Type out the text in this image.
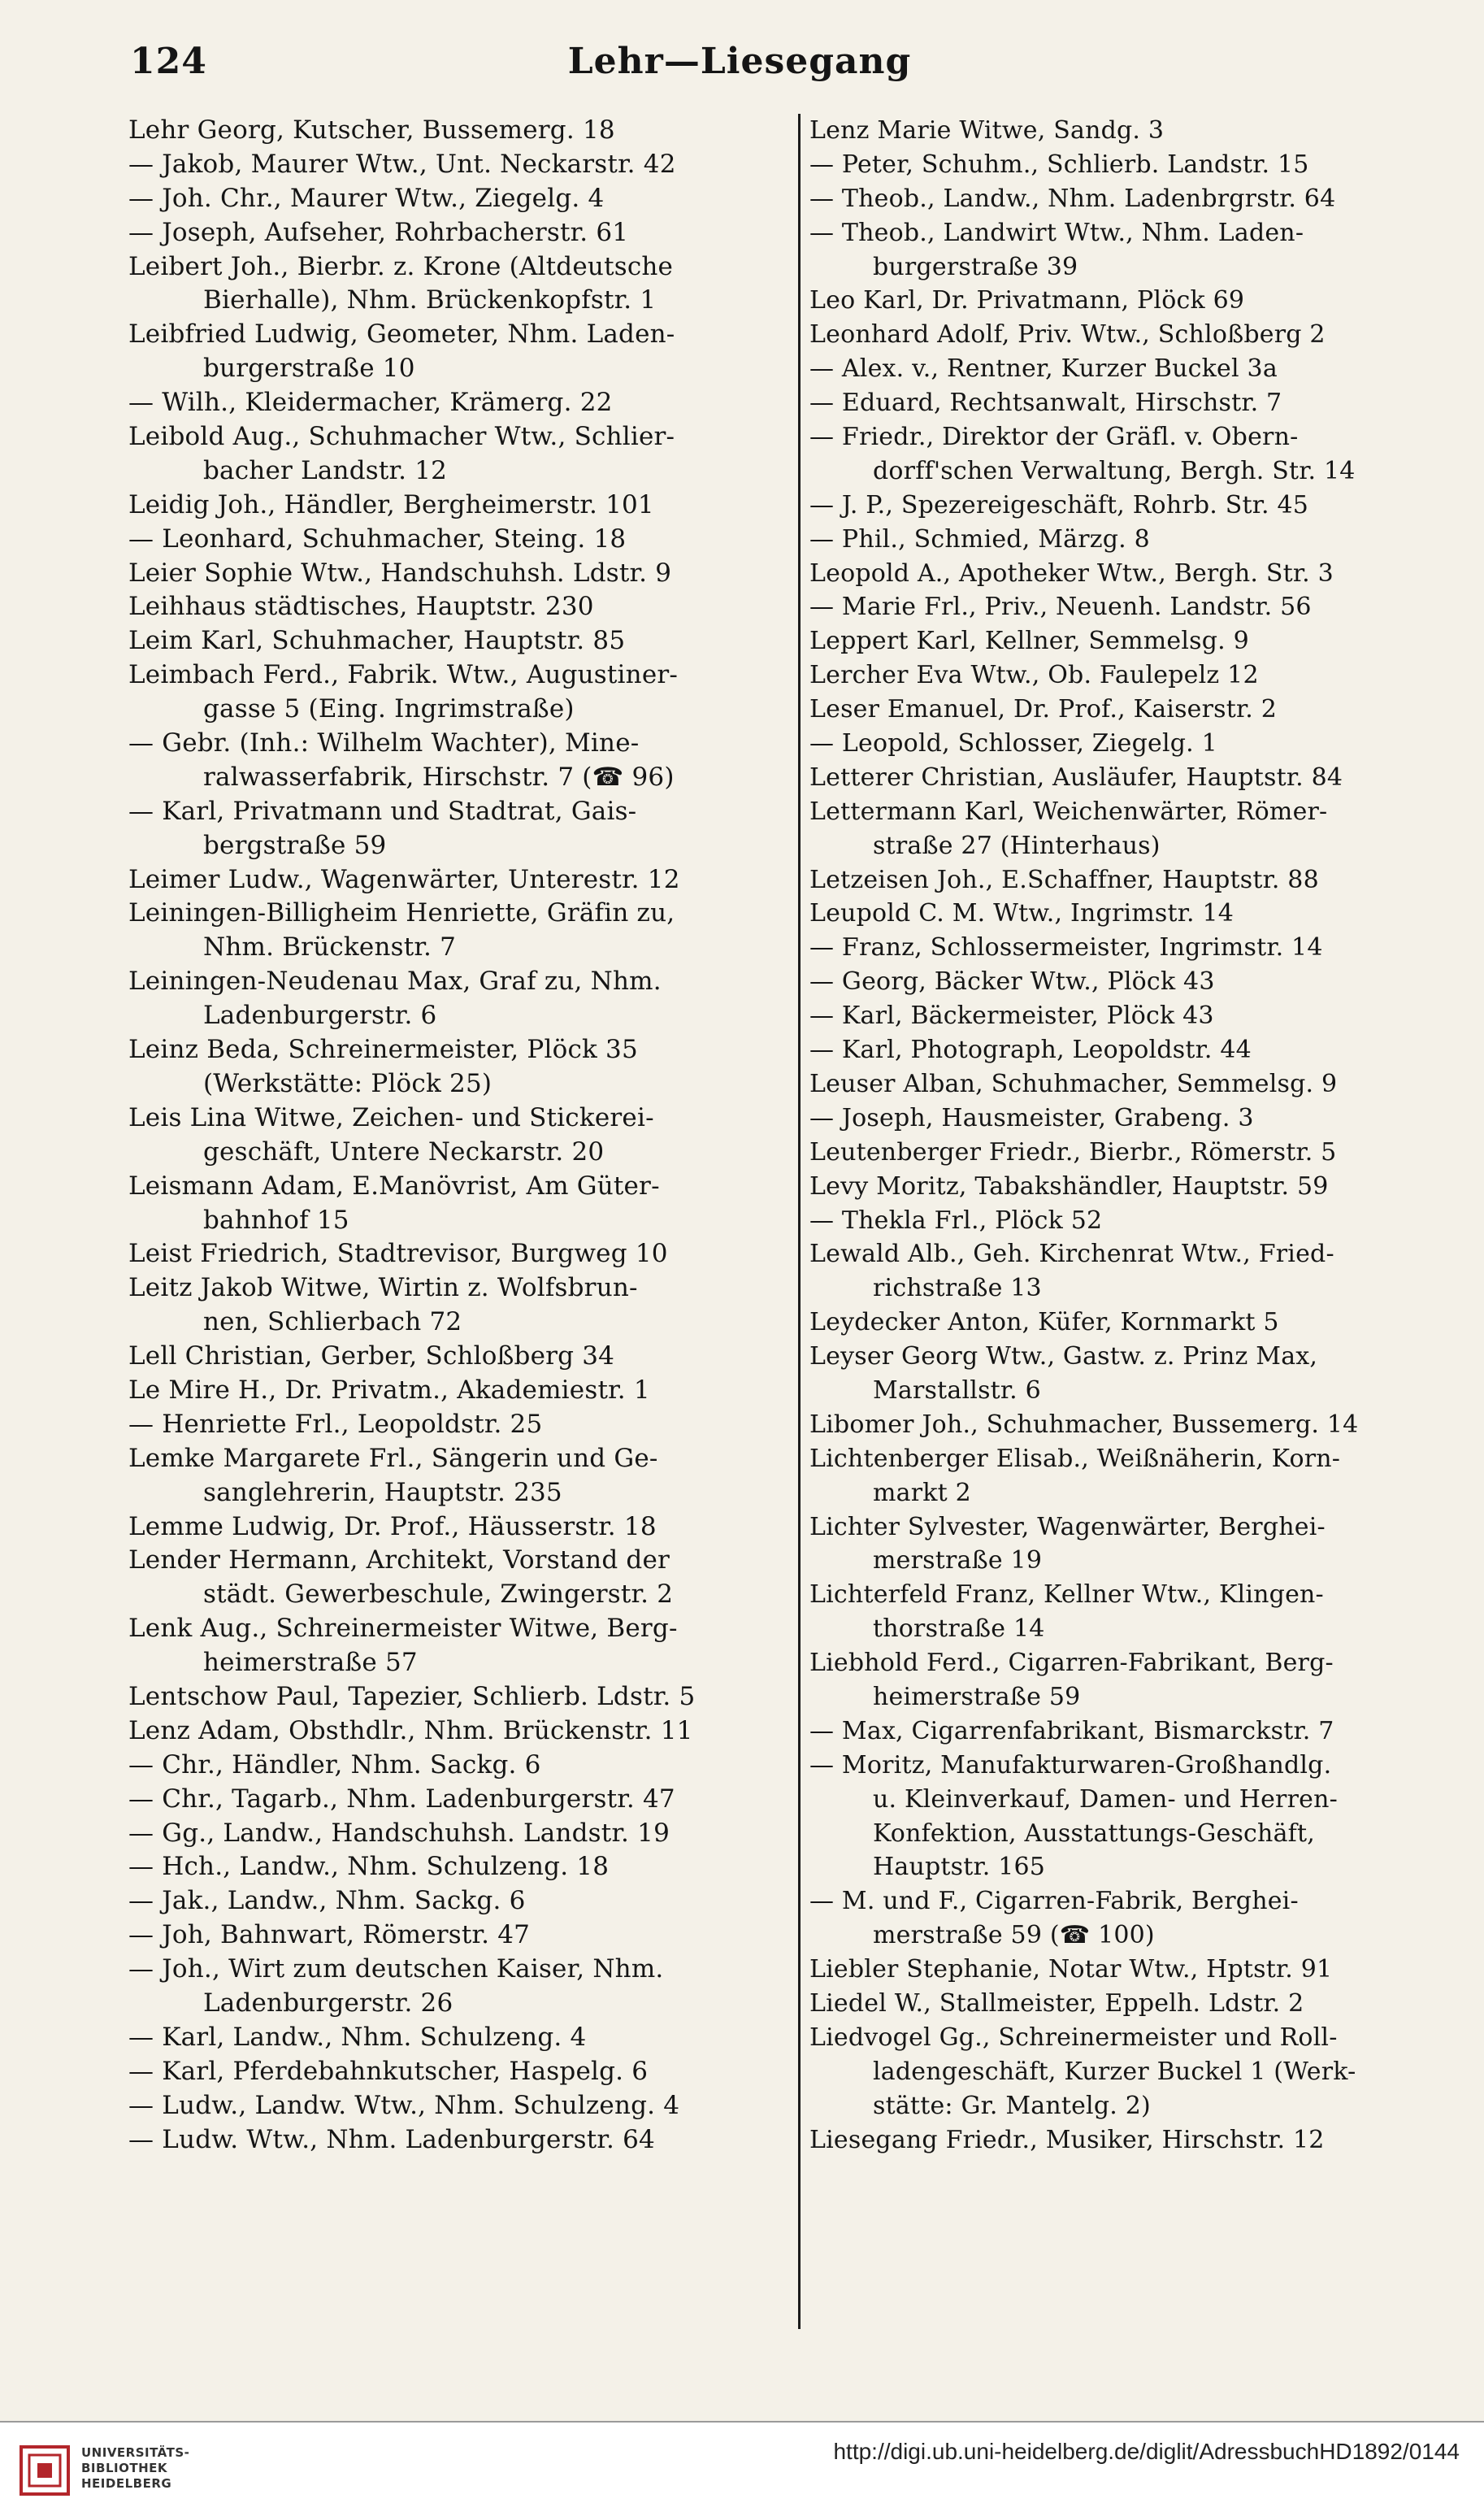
124	Lehr—Liesegang
Lehr Georg, Kutscher, Bussemerg. 18
— Jakob, Maurer Wtw., Unt. Neckarstr. 42
— Joh. Chr., Maurer Wtw., Ziegelg. 4
— Joseph, Aufseher, Rohrbacherstr. 61
Leibert Joh., Bierbr. z. Krone (Altdeutsche
Bierhalle), Nhm. Brückenkopfstr. 1
Leibfried Ludwig, Geometer, Nhm. Laden-
burgerstraße 10
— Wilh., Kleidermacher, Krämerg. 22
Leibold Aug., Schuhmacher Wtw., Schlier-
bacher Landstr. 12
Leidig Joh., Händler, Bergheimerstr. 101
— Leonhard, Schuhmacher, Steing. 18
Leier Sophie Wtw., Handschuhsh. Ldstr. 9
Leihhaus städtisches, Hauptstr. 230
Leim Karl, Schuhmacher, Hauptstr. 85
Leimbach Ferd., Fabrik. Wtw., Augustiner-
gasse 5 (Eing. Ingrimstraße)
— Gebr. (Inh.: Wilhelm Wachter), Mine-
ralwasserfabrik, Hirschstr. 7 (☎ 96)
— Karl, Privatmann und Stadtrat, Gais-
bergstraße 59
Leimer Ludw., Wagenwärter, Unterestr. 12
Leiningen-Billigheim Henriette, Gräfin zu,
Nhm. Brückenstr. 7
Leiningen-Neudenau Max, Graf zu, Nhm.
Ladenburgerstr. 6
Leinz Beda, Schreinermeister, Plöck 35
(Werkstätte: Plöck 25)
Leis Lina Witwe, Zeichen- und Stickerei-
geschäft, Untere Neckarstr. 20
Leismann Adam, E.Manövrist, Am Güter-
bahnhof 15
Leist Friedrich, Stadtrevisor, Burgweg 10
Leitz Jakob Witwe, Wirtin z. Wolfsbrun-
nen, Schlierbach 72
Lell Christian, Gerber, Schloßberg 34
Le Mire H., Dr. Privatm., Akademiestr. 1
— Henriette Frl., Leopoldstr. 25
Lemke Margarete Frl., Sängerin und Ge-
sanglehrerin, Hauptstr. 235
Lemme Ludwig, Dr. Prof., Häusserstr. 18
Lender Hermann, Architekt, Vorstand der
städt. Gewerbeschule, Zwingerstr. 2
Lenk Aug., Schreinermeister Witwe, Berg-
heimerstraße 57
Lentschow Paul, Tapezier, Schlierb. Ldstr. 5
Lenz Adam, Obsthdlr., Nhm. Brückenstr. 11
— Chr., Händler, Nhm. Sackg. 6
— Chr., Tagarb., Nhm. Ladenburgerstr. 47
— Gg., Landw., Handschuhsh. Landstr. 19
— Hch., Landw., Nhm. Schulzeng. 18
— Jak., Landw., Nhm. Sackg. 6
— Joh, Bahnwart, Römerstr. 47
— Joh., Wirt zum deutschen Kaiser, Nhm.
Ladenburgerstr. 26
— Karl, Landw., Nhm. Schulzeng. 4
— Karl, Pferdebahnkutscher, Haspelg. 6
— Ludw., Landw. Wtw., Nhm. Schulzeng. 4
— Ludw. Wtw., Nhm. Ladenburgerstr. 64
Lenz Marie Witwe, Sandg. 3
— Peter, Schuhm., Schlierb. Landstr. 15
— Theob., Landw., Nhm. Ladenbrgrstr. 64
— Theob., Landwirt Wtw., Nhm. Laden-
burgerstraße 39
Leo Karl, Dr. Privatmann, Plöck 69
Leonhard Adolf, Priv. Wtw., Schloßberg 2
— Alex. v., Rentner, Kurzer Buckel 3a
— Eduard, Rechtsanwalt, Hirschstr. 7
— Friedr., Direktor der Gräfl. v. Obern-
dorff'schen Verwaltung, Bergh. Str. 14
— J. P., Spezereigeschäft, Rohrb. Str. 45
— Phil., Schmied, Märzg. 8
Leopold A., Apotheker Wtw., Bergh. Str. 3
— Marie Frl., Priv., Neuenh. Landstr. 56
Leppert Karl, Kellner, Semmelsg. 9
Lercher Eva Wtw., Ob. Faulepelz 12
Leser Emanuel, Dr. Prof., Kaiserstr. 2
— Leopold, Schlosser, Ziegelg. 1
Letterer Christian, Ausläufer, Hauptstr. 84
Lettermann Karl, Weichenwärter, Römer-
straße 27 (Hinterhaus)
Letzeisen Joh., E.Schaffner, Hauptstr. 88
Leupold C. M. Wtw., Ingrimstr. 14
— Franz, Schlossermeister, Ingrimstr. 14
— Georg, Bäcker Wtw., Plöck 43
— Karl, Bäckermeister, Plöck 43
— Karl, Photograph, Leopoldstr. 44
Leuser Alban, Schuhmacher, Semmelsg. 9
— Joseph, Hausmeister, Grabeng. 3
Leutenberger Friedr., Bierbr., Römerstr. 5
Levy Moritz, Tabakshändler, Hauptstr. 59
— Thekla Frl., Plöck 52
Lewald Alb., Geh. Kirchenrat Wtw., Fried-
richstraße 13
Leydecker Anton, Küfer, Kornmarkt 5
Leyser Georg Wtw., Gastw. z. Prinz Max,
Marstallstr. 6
Libomer Joh., Schuhmacher, Bussemerg. 14
Lichtenberger Elisab., Weißnäherin, Korn-
markt 2
Lichter Sylvester, Wagenwärter, Berghei-
merstraße 19
Lichterfeld Franz, Kellner Wtw., Klingen-
thorstraße 14
Liebhold Ferd., Cigarren-Fabrikant, Berg-
heimerstraße 59
— Max, Cigarrenfabrikant, Bismarckstr. 7
— Moritz, Manufakturwaren-Großhandlg.
u. Kleinverkauf, Damen- und Herren-
Konfektion, Ausstattungs-Geschäft,
Hauptstr. 165
— M. und F., Cigarren-Fabrik, Berghei-
merstraße 59 (☎ 100)
Liebler Stephanie, Notar Wtw., Hptstr. 91
Liedel W., Stallmeister, Eppelh. Ldstr. 2
Liedvogel Gg., Schreinermeister und Roll-
ladengeschäft, Kurzer Buckel 1 (Werk-
stätte: Gr. Mantelg. 2)
Liesegang Friedr., Musiker, Hirschstr. 12
UNIVERSITÄTS-
BIBLIOTHEK
HEIDELBERG
http://digi.ub.uni-heidelberg.de/diglit/AdressbuchHD1892/0144
